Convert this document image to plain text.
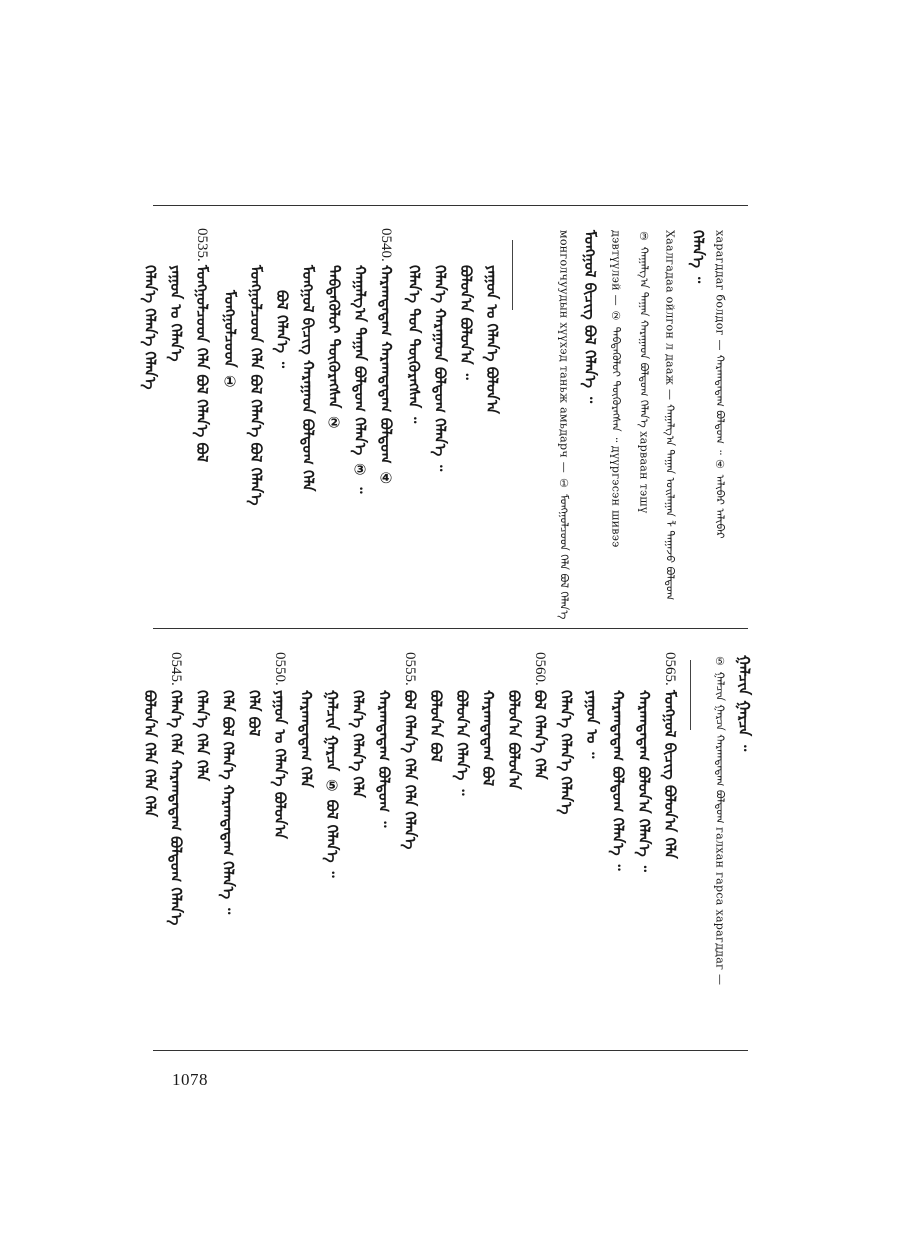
харагддаг болдог — ᠬᠠᠷᠠᠭᠳᠠᠳᠠᠭ ᠪᠣᠯᠳᠣᠭ ᠃ ④ ᠠᠯᠢᠪᠠᠷ ᠠᠯᠢᠪᠠᠷ
ᠬᠡᠯᠡᠨ᠎ᠡ ᠃
Хаалгадаа ойлгон л дааж — ᠬᠠᠭᠠᠯᠭ᠎ᠠ ᠳᠠᠭᠠᠨ ᠣᠢᠯᠠᠭᠠᠨ ᠯ ᠳᠠᠭᠠᠵᠤ ᠪᠣᠯᠳᠣᠭ
③ ᠬᠠᠭᠠᠯᠭ᠎ᠠ ᠳᠠᠭᠠᠨ ᠬᠠᠷᠠᠭᠠᠳ ᠪᠣᠯᠳᠣᠭ ᠬᠡᠯᠡᠨ᠎ᠡ харваан тэшү
дэвтүүлэй — ② ᠳᠡᠪᠲᠡᠭᠦᠯᠦᠢ ᠳᠦᠭᠦᠷᠡᠭᠰᠡᠨ ᠃ дүүргэсэн шивээ
ᠮᠣᠩᠭᠣᠯ ᠪᠢᠴᠢᠭ ᠪᠣᠯ ᠬᠡᠯᠡᠨ᠎ᠡ ᠃
монголчуудын хүүхэд таньж амьдарч — ① ᠮᠣᠩᠭᠣᠯᠴᠤᠳ ᠬᠡᠯᠡ ᠪᠣᠯ ᠬᠡᠯᠡᠨ᠎ᠡ
ᠶᠠᠭᠤᠨ ᠤ ᠬᠡᠯᠡᠨ᠎ᠡ ᠪᠣᠯᠤᠨ᠎ᠠ
ᠪᠣᠯᠤᠨ᠎ᠠ ᠪᠣᠯᠤᠨ᠎ᠠ ᠃
ᠬᠡᠯᠡᠨ᠎ᠡ ᠬᠠᠷᠠᠭᠠᠳ ᠪᠣᠯᠳᠣᠭ ᠬᠡᠯᠡᠨ᠎ᠡ ᠃
ᠬᠡᠯᠡᠨ᠎ᠡ ᠳᠤᠨ ᠳᠦᠭᠦᠷᠡᠭᠰᠡᠨ ᠃
0540.
ᠬᠠᠷᠠᠭᠳᠠᠳᠠᠭ ᠬᠠᠷᠠᠭᠳᠠᠳᠠᠭ ᠪᠣᠯᠳᠣᠭ ④
ᠬᠠᠭᠠᠯᠭ᠎ᠠ ᠳᠠᠭᠠᠨ ᠪᠣᠯᠳᠣᠭ ᠬᠡᠯᠡᠨ᠎ᠡ ③ ᠃
ᠳᠡᠪᠲᠡᠭᠦᠯᠦᠢ ᠳᠦᠭᠦᠷᠡᠭᠰᠡᠨ ②
ᠮᠣᠩᠭᠣᠯ ᠪᠢᠴᠢᠭ ᠬᠠᠷᠠᠭᠠᠳ ᠪᠣᠯᠳᠣᠭ ᠬᠡᠯᠡ
ᠪᠣᠯ ᠬᠡᠯᠡᠨ᠎ᠡ ᠃
ᠮᠣᠩᠭᠣᠯᠴᠤᠳ ᠬᠡᠯᠡ ᠪᠣᠯ ᠬᠡᠯᠡᠨ᠎ᠡ ᠪᠣᠯ ᠬᠡᠯᠡᠨ᠎ᠡ
ᠮᠣᠩᠭᠣᠯᠴᠤᠳ ①
0535.
ᠮᠣᠩᠭᠣᠯᠴᠤᠳ ᠬᠡᠯᠡ ᠪᠣᠯ ᠬᠡᠯᠡᠨ᠎ᠡ ᠪᠣᠯ
ᠶᠠᠭᠤᠨ ᠤ ᠬᠡᠯᠡᠨ᠎ᠡ
ᠬᠡᠯᠡᠨ᠎ᠡ ᠬᠡᠯᠡᠨ᠎ᠡ ᠬᠡᠯᠡᠨ᠎ᠡ
⑤ ᠭᠠᠯᠴᠢᠨ ᠭᠠᠷᠴᠠ ᠬᠠᠷᠠᠭᠳᠠᠳᠠᠭ ᠪᠣᠯᠳᠣᠭ галхан гарса харагддаг — ᠭᠠᠯᠴᠢᠨ ᠭᠠᠷᠴᠠ ᠃
0565.
ᠮᠣᠩᠭᠣᠯ ᠪᠢᠴᠢᠭ ᠪᠣᠯᠤᠨ᠎ᠠ ᠬᠡᠯᠡ
ᠬᠠᠷᠠᠭᠳᠠᠳᠠᠭ ᠪᠣᠯᠤᠨ᠎ᠠ ᠬᠡᠯᠡᠨ᠎ᠡ ᠃
ᠬᠠᠷᠠᠭᠳᠠᠳᠠᠭ ᠪᠣᠯᠳᠣᠭ ᠬᠡᠯᠡᠨ᠎ᠡ ᠃
ᠶᠠᠭᠤᠨ ᠤ ᠃
ᠬᠡᠯᠡᠨ᠎ᠡ ᠬᠡᠯᠡᠨ᠎ᠡ ᠬᠡᠯᠡᠨ᠎ᠡ
0560.
ᠪᠣᠯ ᠬᠡᠯᠡᠨ᠎ᠡ ᠬᠡᠯᠡ
ᠪᠣᠯᠤᠨ᠎ᠠ ᠪᠣᠯᠤᠨ᠎ᠠ
ᠬᠠᠷᠠᠭᠳᠠᠳᠠᠭ ᠪᠣᠯ
ᠪᠣᠯᠤᠨ᠎ᠠ ᠬᠡᠯᠡᠨ᠎ᠡ ᠃
ᠪᠣᠯᠤᠨ᠎ᠠ ᠪᠣᠯ
0555.
ᠪᠣᠯ ᠬᠡᠯᠡᠨ᠎ᠡ ᠬᠡᠯᠡ ᠬᠡᠯᠡ ᠬᠡᠯᠡᠨ᠎ᠡ
ᠬᠠᠷᠠᠭᠳᠠᠳᠠᠭ ᠪᠣᠯᠳᠣᠭ ᠃
ᠬᠡᠯᠡᠨ᠎ᠡ ᠬᠡᠯᠡᠨ᠎ᠡ ᠬᠡᠯᠡ
ᠭᠠᠯᠴᠢᠨ ᠭᠠᠷᠴᠠ ⑤ ᠪᠣᠯ ᠬᠡᠯᠡᠨ᠎ᠡ ᠃
ᠬᠠᠷᠠᠭᠳᠠᠳᠠᠭ ᠬᠡᠯᠡ
0550.
ᠶᠠᠭᠤᠨ ᠤ ᠬᠡᠯᠡᠨ᠎ᠡ ᠪᠣᠯᠤᠨ᠎ᠠ
ᠬᠡᠯᠡ ᠪᠣᠯ
ᠬᠡᠯᠡ ᠪᠣᠯ ᠬᠡᠯᠡᠨ᠎ᠡ ᠬᠠᠷᠠᠭᠳᠠᠳᠠᠭ ᠬᠡᠯᠡᠨ᠎ᠡ ᠃
ᠬᠡᠯᠡᠨ᠎ᠡ ᠬᠡᠯᠡ ᠬᠡᠯᠡ
0545.
ᠬᠡᠯᠡᠨ᠎ᠡ ᠬᠡᠯᠡ ᠬᠠᠷᠠᠭᠳᠠᠳᠠᠭ ᠪᠣᠯᠳᠣᠭ ᠬᠡᠯᠡᠨ᠎ᠡ
ᠪᠣᠯᠤᠨ᠎ᠠ ᠬᠡᠯᠡ ᠬᠡᠯᠡ ᠬᠡᠯᠡ
1078
